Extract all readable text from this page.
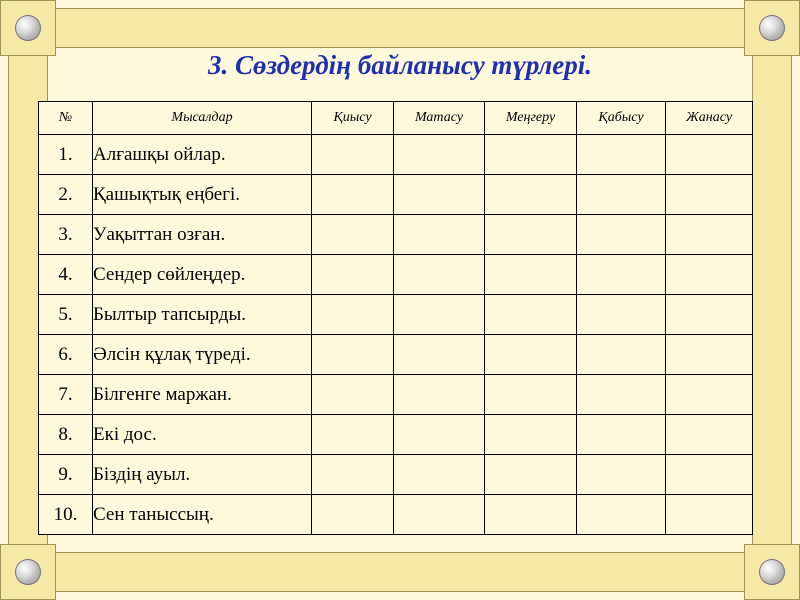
3. Сөздердің байланысу түрлері.
№	Мысалдар	Қиысу	Матасу	Меңгеру	Қабысу	Жанасу
1.	Алғашқы ойлар.					
2.	Қашықтық еңбегі.					
3.	Уақыттан озған.					
4.	Сендер сөйлеңдер.					
5.	Былтыр тапсырды.					
6.	Әлсін құлақ түреді.					
7.	Білгенге маржан.					
8.	Екі дос.					
9.	Біздің ауыл.					
10.	Сен таныссың.					
